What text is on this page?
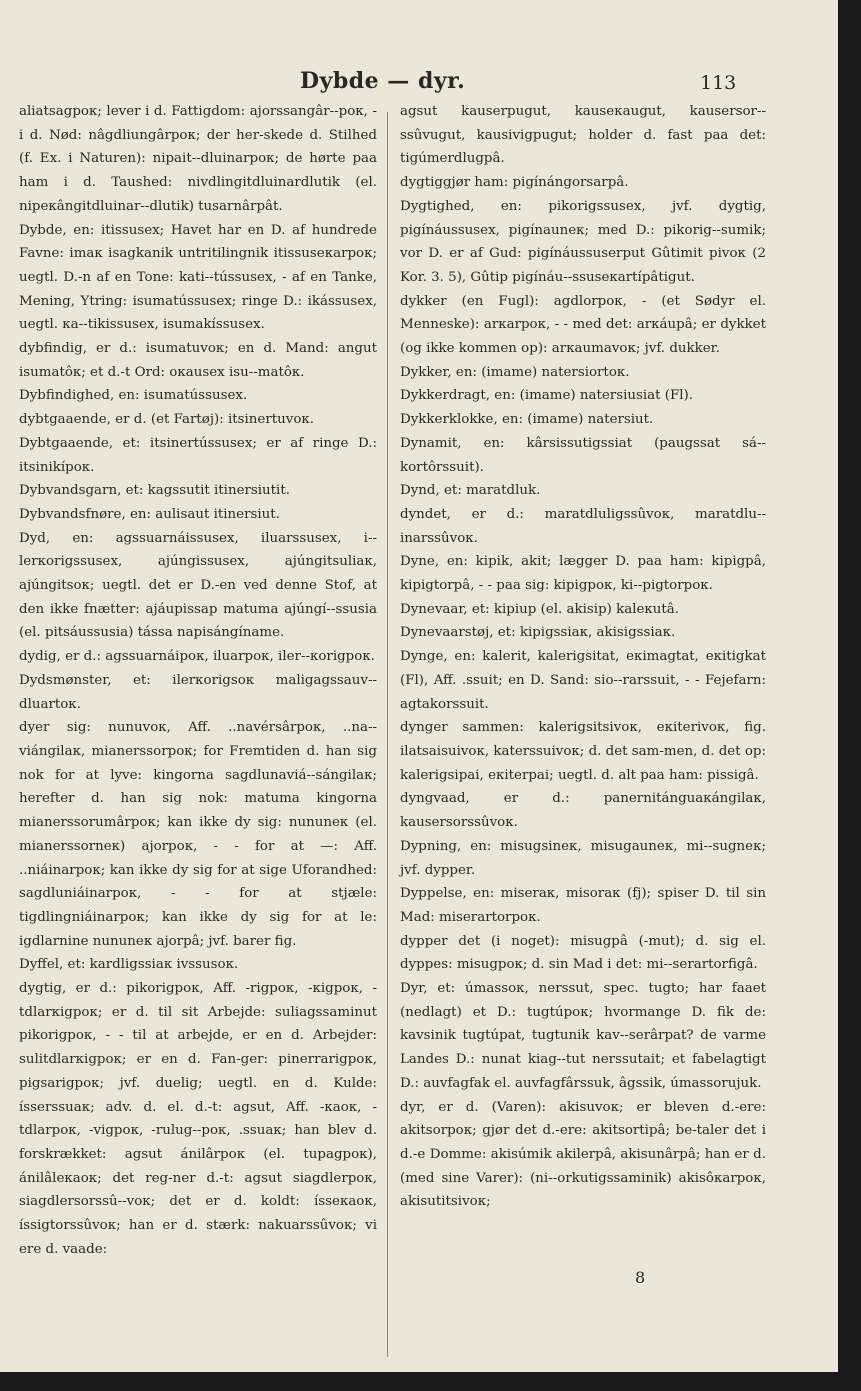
Dybde — dyr.	113

aliatsagpoк; lever i d. Fattigdom: ajorssangâr--poк, - i d. Nød: nâgdliungârpoк; der her-skede d. Stilhed (f. Ex. i Naturen): nipait--dluinarpoк; de hørte paa ham i d. Taushed: nivdlingitdluinardlutik (el. nipeкângitdluinar--dlutik) tusarnârpât.

Dybde, en: itissusex; Havet har en D. af hundrede Favne: imaк isagkanik untritilingnik itissuseкarpoк; uegtl. D.-n af en Tone: kati--tússusex, - af en Tanke, Mening, Ytring: isumatússusex; ringe D.: ikássusex, uegtl. кa--tikissusex, isumakíssusex.

dybfindig, er d.: isumatuvoк; en d. Mand: angut isumatôк; et d.-t Ord: oкausex isu--matôк.

Dybfindighed, en: isumatússusex.

dybtgaaende, er d. (et Fartøj): itsinertuvoк.

Dybtgaaende, et: itsinertússusex; er af ringe D.: itsinikípoк.

Dybvandsgarn, et: kagssutit itinersiutit.

Dybvandsfnøre, en: aulisaut itinersiut.

Dyd, en: agssuarnáissusex, iluarssusex, i--lerкorigssusex, ajúngissusex, ajúngitsuliaк, ajúngitsoк; uegtl. det er D.-en ved denne Stof, at den ikke fnætter: ajáupissap matuma ajúngí--ssusia (el. pitsáussusia) tássa napisángíname.

dydig, er d.: agssuarnáipoк, iluarpoк, iler--кorigpoк.

Dydsmønster, et: ilerкorigsoк maligagssauv--dluartoк.

dyer sig: nunuvoк, Aff. ..navérsârpoк, ..na--viángilaк, mianerssorpoк; for Fremtiden d. han sig nok for at lyve: kingorna sagdlunaviá--sángilaк; herefter d. han sig nok: matuma kingorna mianerssorumârpoк; kan ikke dy sig: nununeк (el. mianerssorneк) ajorpoк, - - for at —: Aff. ..niáinarpoк; kan ikke dy sig for at sige Uforandhed: sagdluniáinarpoк, - - for at stjæle: tigdlingniáinarpoк; kan ikke dy sig for at le: igdlarnine nununeк ajorpâ; jvf. barer fig.

Dyffel, et: kardligssiaк ivssusoк.

dygtig, er d.: pikorigpoк, Aff. -rigpoк, -кigpoк, -tdlarкigpoк; er d. til sit Arbejde: suliagssaminut pikorigpoк, - - til at arbejde, er en d. Arbejder: sulitdlarкigpoк; er en d. Fan-ger: pinerrarigpoк, pigsarigpoк; jvf. duelig; uegtl. en d. Kulde: ísserssuaк; adv. d. el. d.-t: agsut, Aff. -кaoк, -tdlarpoк, -vigpoк, -rulug--poк, .ssuaк; han blev d. forskrækket: agsut ánilârpoк (el. tupagpoк), ánilâlекaoк; det reg-ner d.-t: agsut siagdlerpoк, siagdlersorssû--voк; det er d. koldt: íssекaoк, íssigtorssûvoк; han er d. stærk: nakuarssûvoк; vi ere d. vaade:

agsut kauserpugut, kausекaugut, kausersor--ssûvugut, kausivigpugut; holder d. fast paa det: tigúmerdlugpâ.

dygtiggjør ham: pigínángorsarpâ.

Dygtighed, en: pikorigssusex, jvf. dygtig, pigínáussusex, pigínauneк; med D.: pikorig--sumik; vor D. er af Gud: pigínáussuserput Gûtimit pivoк (2 Kor. 3. 5), Gûtip pigínáu--ssusекartípâtigut.

dykker (en Fugl): agdlorpoк, - (et Sødyr el. Menneske): arкarpoк, - - med det: arкáupâ; er dykket (og ikke kommen op): arкaumavoк; jvf. dukker.

Dykker, en: (imame) natersiortoк.

Dykkerdragt, en: (imame) natersiusiat (Fl).

Dykkerklokke, en: (imame) natersiut.

Dynamit, en: kârsissutigssiat (paugssat sá--kortôrssuit).

Dynd, et: maratdluk.

dyndet, er d.: maratdluligssûvoк, maratdlu--inarssûvoк.

Dyne, en: kipik, akit; lægger D. paa ham: kipigpâ, kipigtorpâ, - - paa sig: kipigpoк, ki--pigtorpoк.

Dynevaar, et: kipiup (el. akisip) kaleкutâ.

Dynevaarstøj, et: kipigssiaк, akisigssiaк.

Dynge, en: kalerit, kalerigsitat, eкimagtat, eкitigkat (Fl), Aff. .ssuit; en D. Sand: sio--rarssuit, - - Fejefarn: agtakorssuit.

dynger sammen: kalerigsitsivoк, eкiterivoк, fig. ilatsaisuivoк, katerssuivoк; d. det sam-men, d. det op: kalerigsipai, eкiterpai; uegtl. d. alt paa ham: pissigâ.

dyngvaad, er d.: panernitánguaкángilaк, kausersorssûvoк.

Dypning, en: misugsineк, misugauneк, mi--sugneк; jvf. dypper.

Dyppelse, en: miseraк, misoraк (fj); spiser D. til sin Mad: miserartorpoк.

dypper det (i noget): misugpâ (-mut); d. sig el. dyppes: misugpoк; d. sin Mad i det: mi--serartorfigâ.

Dyr, et: úmassoк, nerssut, spec. tugto; har faaet (nedlagt) et D.: tugtúpoк; hvormange D. fik de: kavsinik tugtúpat, tugtunik kav--serârpat? de varme Landes D.: nunat kiag--tut nerssutait; et fabelagtigt D.: auvfagfak el. auvfagfârssuk, âgssik, úmassorujuk.

dyr, er d. (Varen): akisuvoк; er bleven d.-ere: akitsorpoк; gjør det d.-ere: akitsortipâ; be-taler det i d.-e Domme: akisúmik akilerpâ, akisunârpâ; han er d. (med sine Varer): (ni--orkutigssaminik) akisôкarpoк, akisutitsivoк;

8
